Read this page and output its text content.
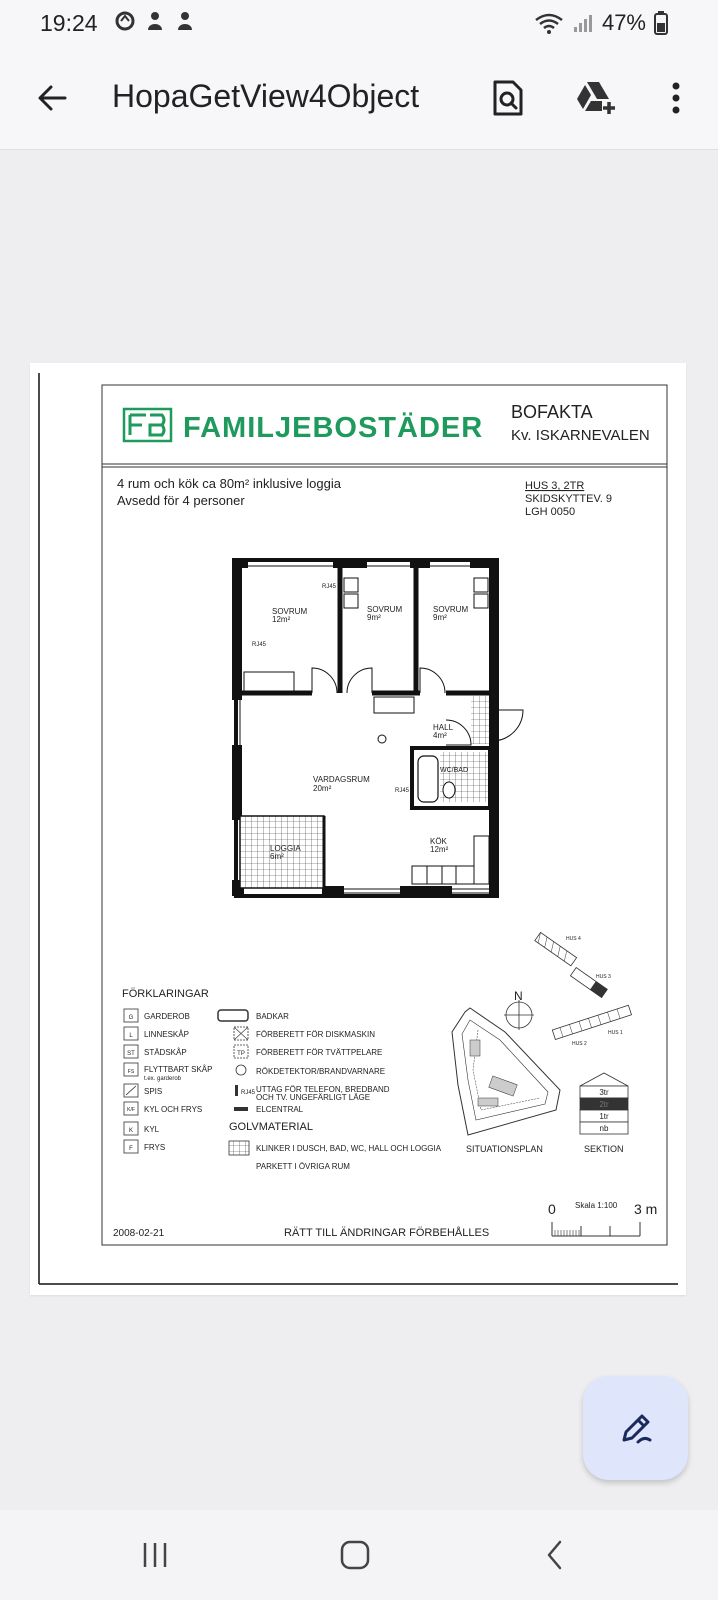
19:24	47%
HopaGetView4Object
FAMILJEBOSTÄDER BOFAKTA
Kv. ISKARNEVALEN
4 rum och kök ca 80m² inklusive loggia
Avsedd för 4 personer
HUS 3, 2TR
SKIDSKYTTEV. 9
LGH 0050
SOVRUM
12m²
SOVRUM
9m²
SOVRUM
9m²
HALL
4m²
WC/BAD
VARDAGSRUM
20m²
LOGGIA
6m²
KÖK
12m²
RJ45
RJ45
RJ45
FÖRKLARINGAR
G GARDEROB
L LINNESKÅP
ST STÄDSKÅP
FS FLYTTBART SKÅP
t.ex. garderob
SPIS
K/F KYL OCH FRYS
K KYL
F FRYS
BADKAR
FÖRBERETT FÖR DISKMASKIN
TP FÖRBERETT FÖR TVÄTTPELARE
RÖKDETEKTOR/BRANDVARNARE
RJ45 UTTAG FÖR TELEFON, BREDBAND
OCH TV. UNGEFÄRLIGT LÄGE
ELCENTRAL
GOLVMATERIAL
KLINKER I DUSCH, BAD, WC, HALL OCH LOGGIA
PARKETT I ÖVRIGA RUM
HUS 4
HUS 3
HUS 2
HUS 1
N
SITUATIONSPLAN
3tr
2tr
1tr
nb
SEKTION
0 Skala 1:100 3 m
2008-02-21	RÄTT TILL ÄNDRINGAR FÖRBEHÅLLES
